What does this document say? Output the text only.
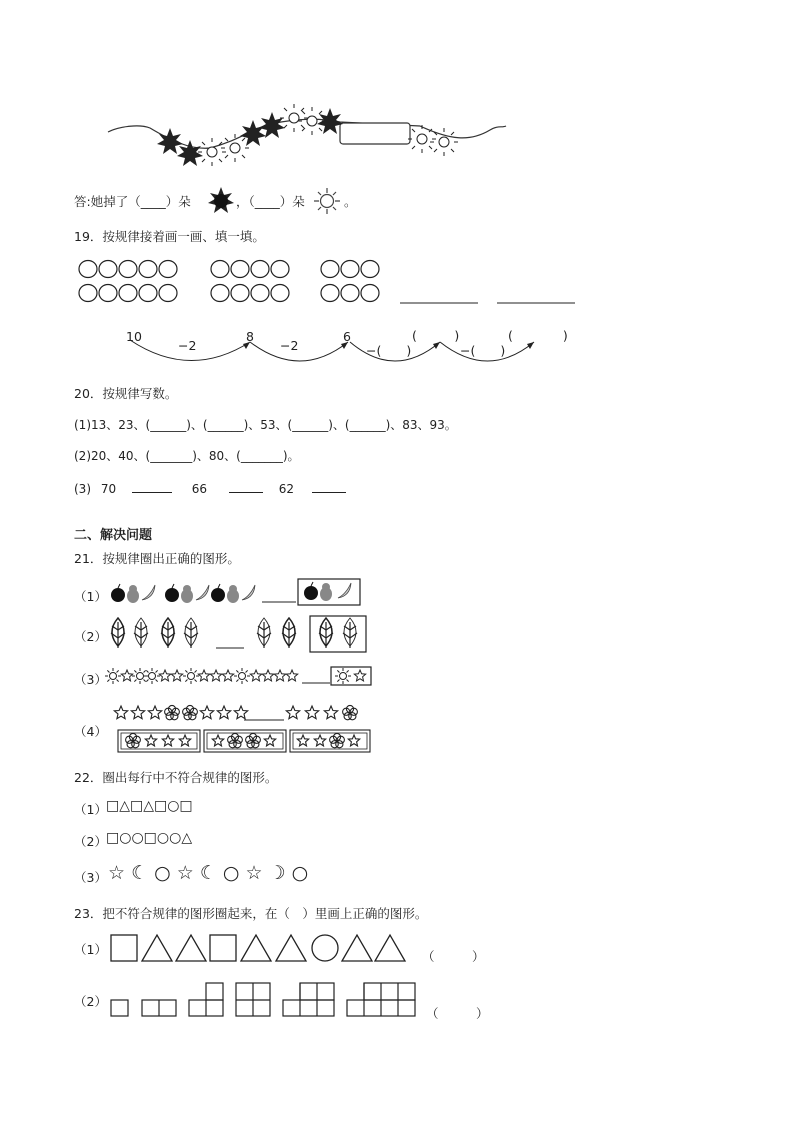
答:她掉了（____）朵	，（____）朵	。
19．按规律接着画一画、填一填。
10	8	6	(　　　)	(　　　　)
−2	−2	−(　　)	−(　　)
20．按规律写数。
(1)13、23、(______)、(______)、53、(______)、(______)、83、93。
(2)20、40、(_______)、80、(_______)。
(3) 70	66	62
二、解决问题
21．按规律圈出正确的图形。
（1）
（2）
（3）
（4）
22．圈出每行中不符合规律的图形。
（1） □△□△□○□
（2） □○○□○○△
（3） ☆ ☾ ○ ☆ ☾ ○ ☆ ☽ ○
23．把不符合规律的图形圈起来，在（　）里画上正确的图形。
（1）	（　　　）
（2）
（　　　）
